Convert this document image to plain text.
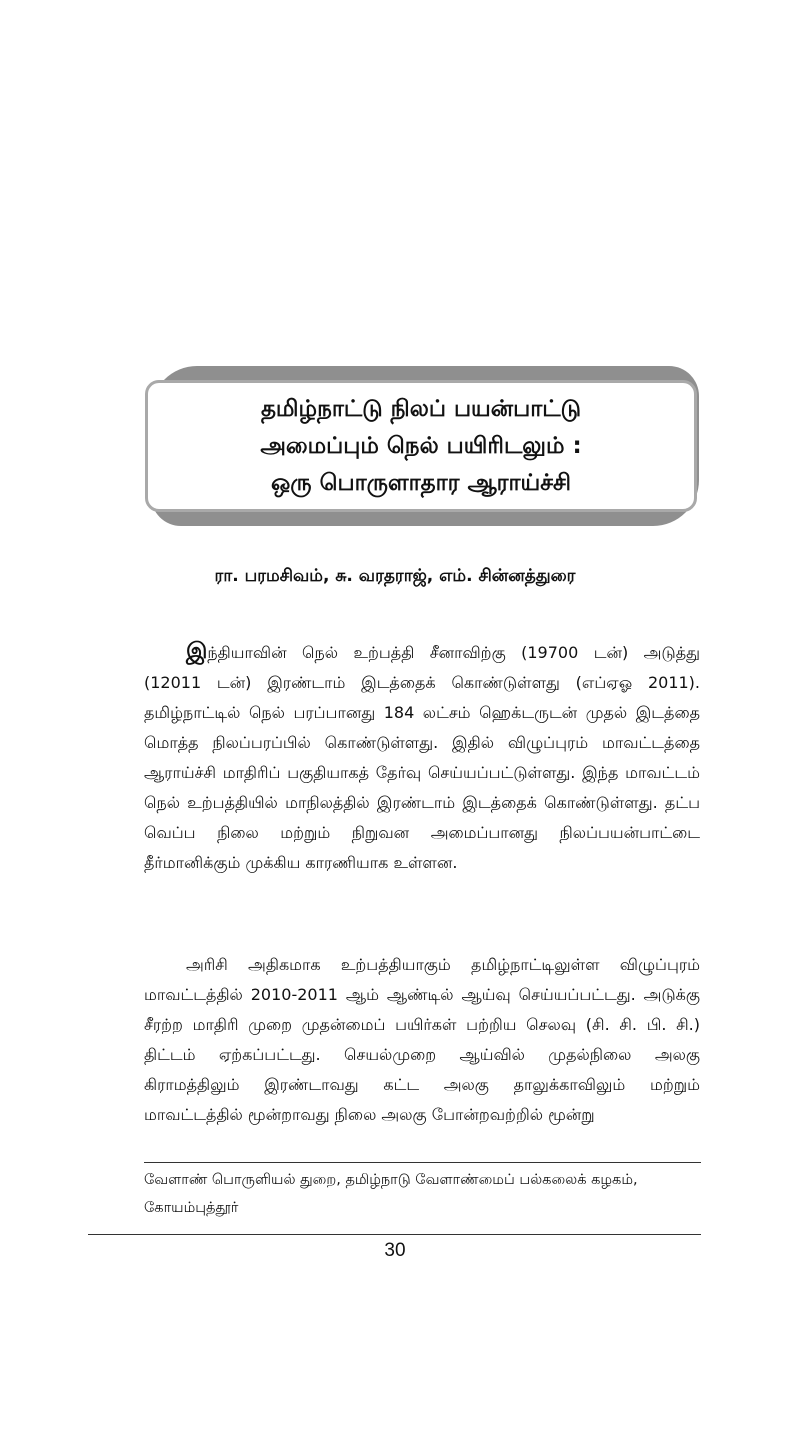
தமிழ்நாட்டு நிலப் பயன்பாட்டு
அமைப்பும் நெல் பயிரிடலும் :
ஒரு பொருளாதார ஆராய்ச்சி
ரா. பரமசிவம், சு. வரதராஜ், எம். சின்னத்துரை

இந்தியாவின் நெல் உற்பத்தி சீனாவிற்கு (19700 டன்) அடுத்து (12011 டன்) இரண்டாம் இடத்தைக் கொண்டுள்ளது (எப்ஏஓ 2011). தமிழ்நாட்டில் நெல் பரப்பானது 184 லட்சம் ஹெக்டருடன் முதல் இடத்தை மொத்த நிலப்பரப்பில் கொண்டுள்ளது. இதில் விழுப்புரம் மாவட்டத்தை ஆராய்ச்சி மாதிரிப் பகுதியாகத் தேர்வு செய்யப்பட்டுள்ளது. இந்த மாவட்டம் நெல் உற்பத்தியில் மாநிலத்தில் இரண்டாம் இடத்தைக் கொண்டுள்ளது. தட்ப வெப்ப நிலை மற்றும் நிறுவன அமைப்பானது நிலப்பயன்பாட்டை தீர்மானிக்கும் முக்கிய காரணியாக உள்ளன.

அரிசி அதிகமாக உற்பத்தியாகும் தமிழ்நாட்டிலுள்ள விழுப்புரம் மாவட்டத்தில் 2010-2011 ஆம் ஆண்டில் ஆய்வு செய்யப்பட்டது. அடுக்கு சீரற்ற மாதிரி முறை முதன்மைப் பயிர்கள் பற்றிய செலவு (சி. சி. பி. சி.) திட்டம் ஏற்கப்பட்டது. செயல்முறை ஆய்வில் முதல்நிலை அலகு கிராமத்திலும் இரண்டாவது கட்ட அலகு தாலுக்காவிலும் மற்றும் மாவட்டத்தில் மூன்றாவது நிலை அலகு போன்றவற்றில் மூன்று

வேளாண் பொருளியல் துறை, தமிழ்நாடு வேளாண்மைப் பல்கலைக் கழகம், கோயம்புத்தூர்

30
